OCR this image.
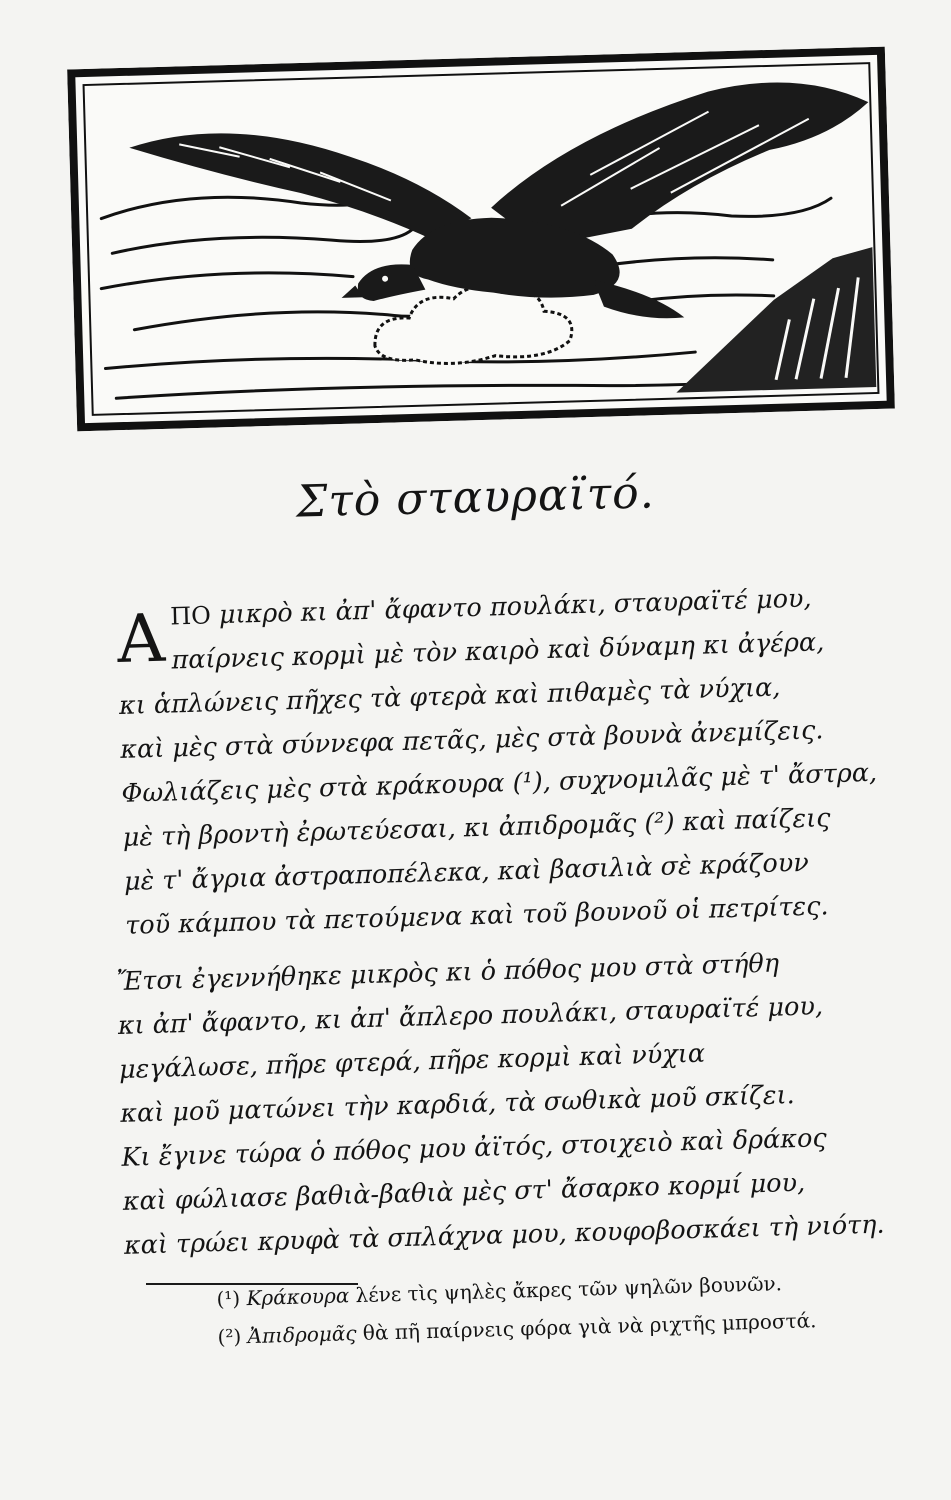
Στὸ σταυραϊτό.
ΑΠΟ μικρὸ κι ἀπ' ἄφαντο πουλάκι, σταυραϊτέ μου,
παίρνεις κορμὶ μὲ τὸν καιρὸ καὶ δύναμη κι ἀγέρα,
κι ἁπλώνεις πῆχες τὰ φτερὰ καὶ πιθαμὲς τὰ νύχια,
καὶ μὲς στὰ σύννεφα πετᾶς, μὲς στὰ βουνὰ ἀνεμίζεις.
Φωλιάζεις μὲς στὰ κράκουρα (¹), συχνομιλᾶς μὲ τ' ἄστρα,
μὲ τὴ βροντὴ ἐρωτεύεσαι, κι ἀπιδρομᾶς (²) καὶ παίζεις
μὲ τ' ἄγρια ἀστραποπέλεκα, καὶ βασιλιὰ σὲ κράζουν
τοῦ κάμπου τὰ πετούμενα καὶ τοῦ βουνοῦ οἱ πετρίτες.
Ἔτσι ἐγεννήθηκε μικρὸς κι ὁ πόθος μου στὰ στήθη
κι ἀπ' ἄφαντο, κι ἀπ' ἄπλερο πουλάκι, σταυραϊτέ μου,
μεγάλωσε, πῆρε φτερά, πῆρε κορμὶ καὶ νύχια
καὶ μοῦ ματώνει τὴν καρδιά, τὰ σωθικὰ μοῦ σκίζει.
Κι ἔγινε τώρα ὁ πόθος μου ἀϊτός, στοιχειὸ καὶ δράκος
καὶ φώλιασε βαθιὰ-βαθιὰ μὲς στ' ἄσαρκο κορμί μου,
καὶ τρώει κρυφὰ τὰ σπλάχνα μου, κουφοβοσκάει τὴ νιότη.
(¹) Κράκουρα λένε τὶς ψηλὲς ἄκρες τῶν ψηλῶν βουνῶν.
(²) Ἀπιδρομᾶς θὰ πῆ παίρνεις φόρα γιὰ νὰ ριχτῆς μπροστά.
